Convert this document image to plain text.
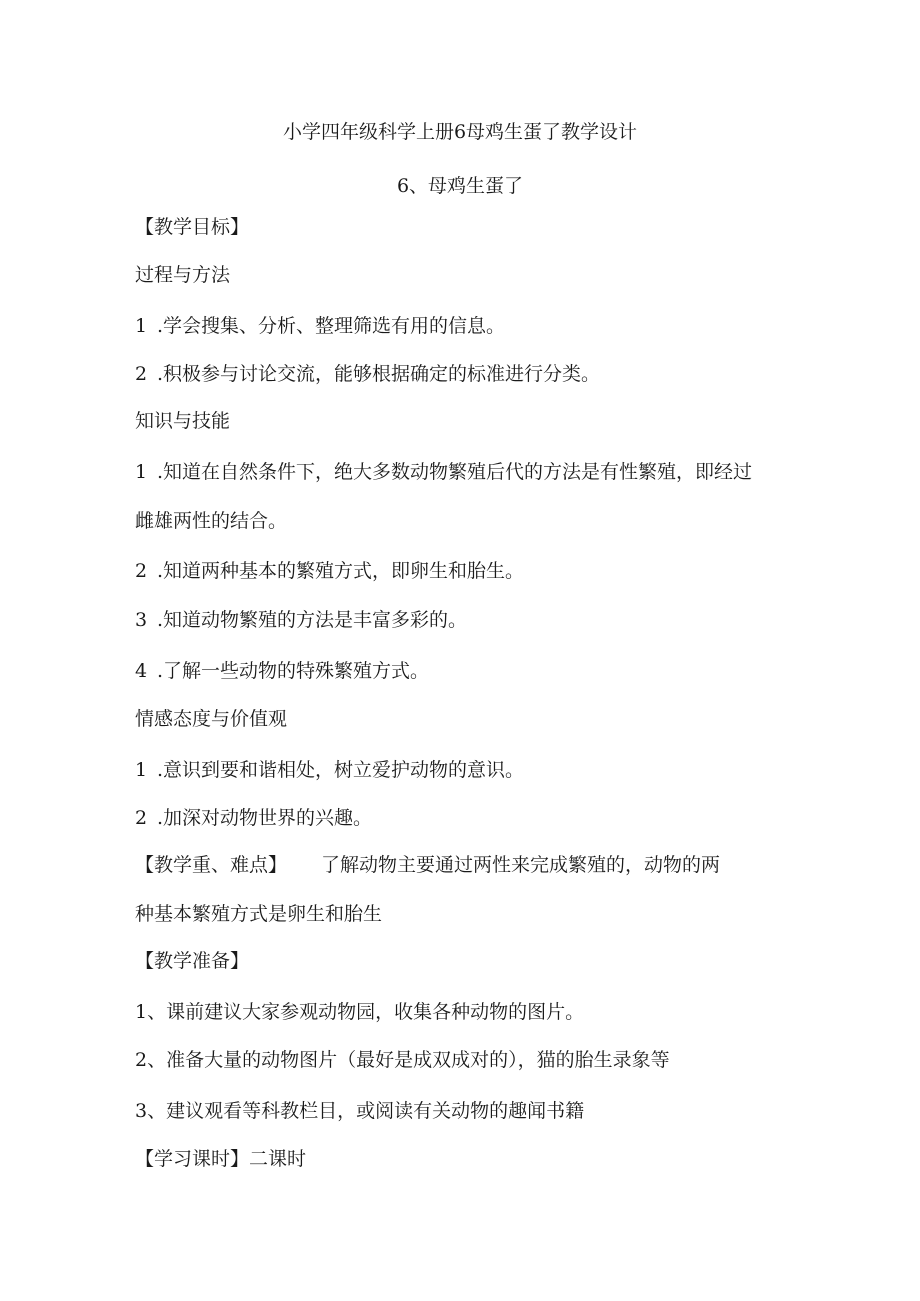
小学四年级科学上册6母鸡生蛋了教学设计
6、母鸡生蛋了
【教学目标】
过程与方法
1 .学会搜集、分析、整理筛选有用的信息。
2 .积极参与讨论交流，能够根据确定的标准进行分类。
知识与技能
1 .知道在自然条件下，绝大多数动物繁殖后代的方法是有性繁殖，即经过
雌雄两性的结合。
2 .知道两种基本的繁殖方式，即卵生和胎生。
3 .知道动物繁殖的方法是丰富多彩的。
4 .了解一些动物的特殊繁殖方式。
情感态度与价值观
1 .意识到要和谐相处，树立爱护动物的意识。
2 .加深对动物世界的兴趣。
【教学重、难点】 了解动物主要通过两性来完成繁殖的，动物的两
种基本繁殖方式是卵生和胎生
【教学准备】
1、课前建议大家参观动物园，收集各种动物的图片。
2、准备大量的动物图片（最好是成双成对的），猫的胎生录象等
3、建议观看等科教栏目，或阅读有关动物的趣闻书籍
【学习课时】二课时
